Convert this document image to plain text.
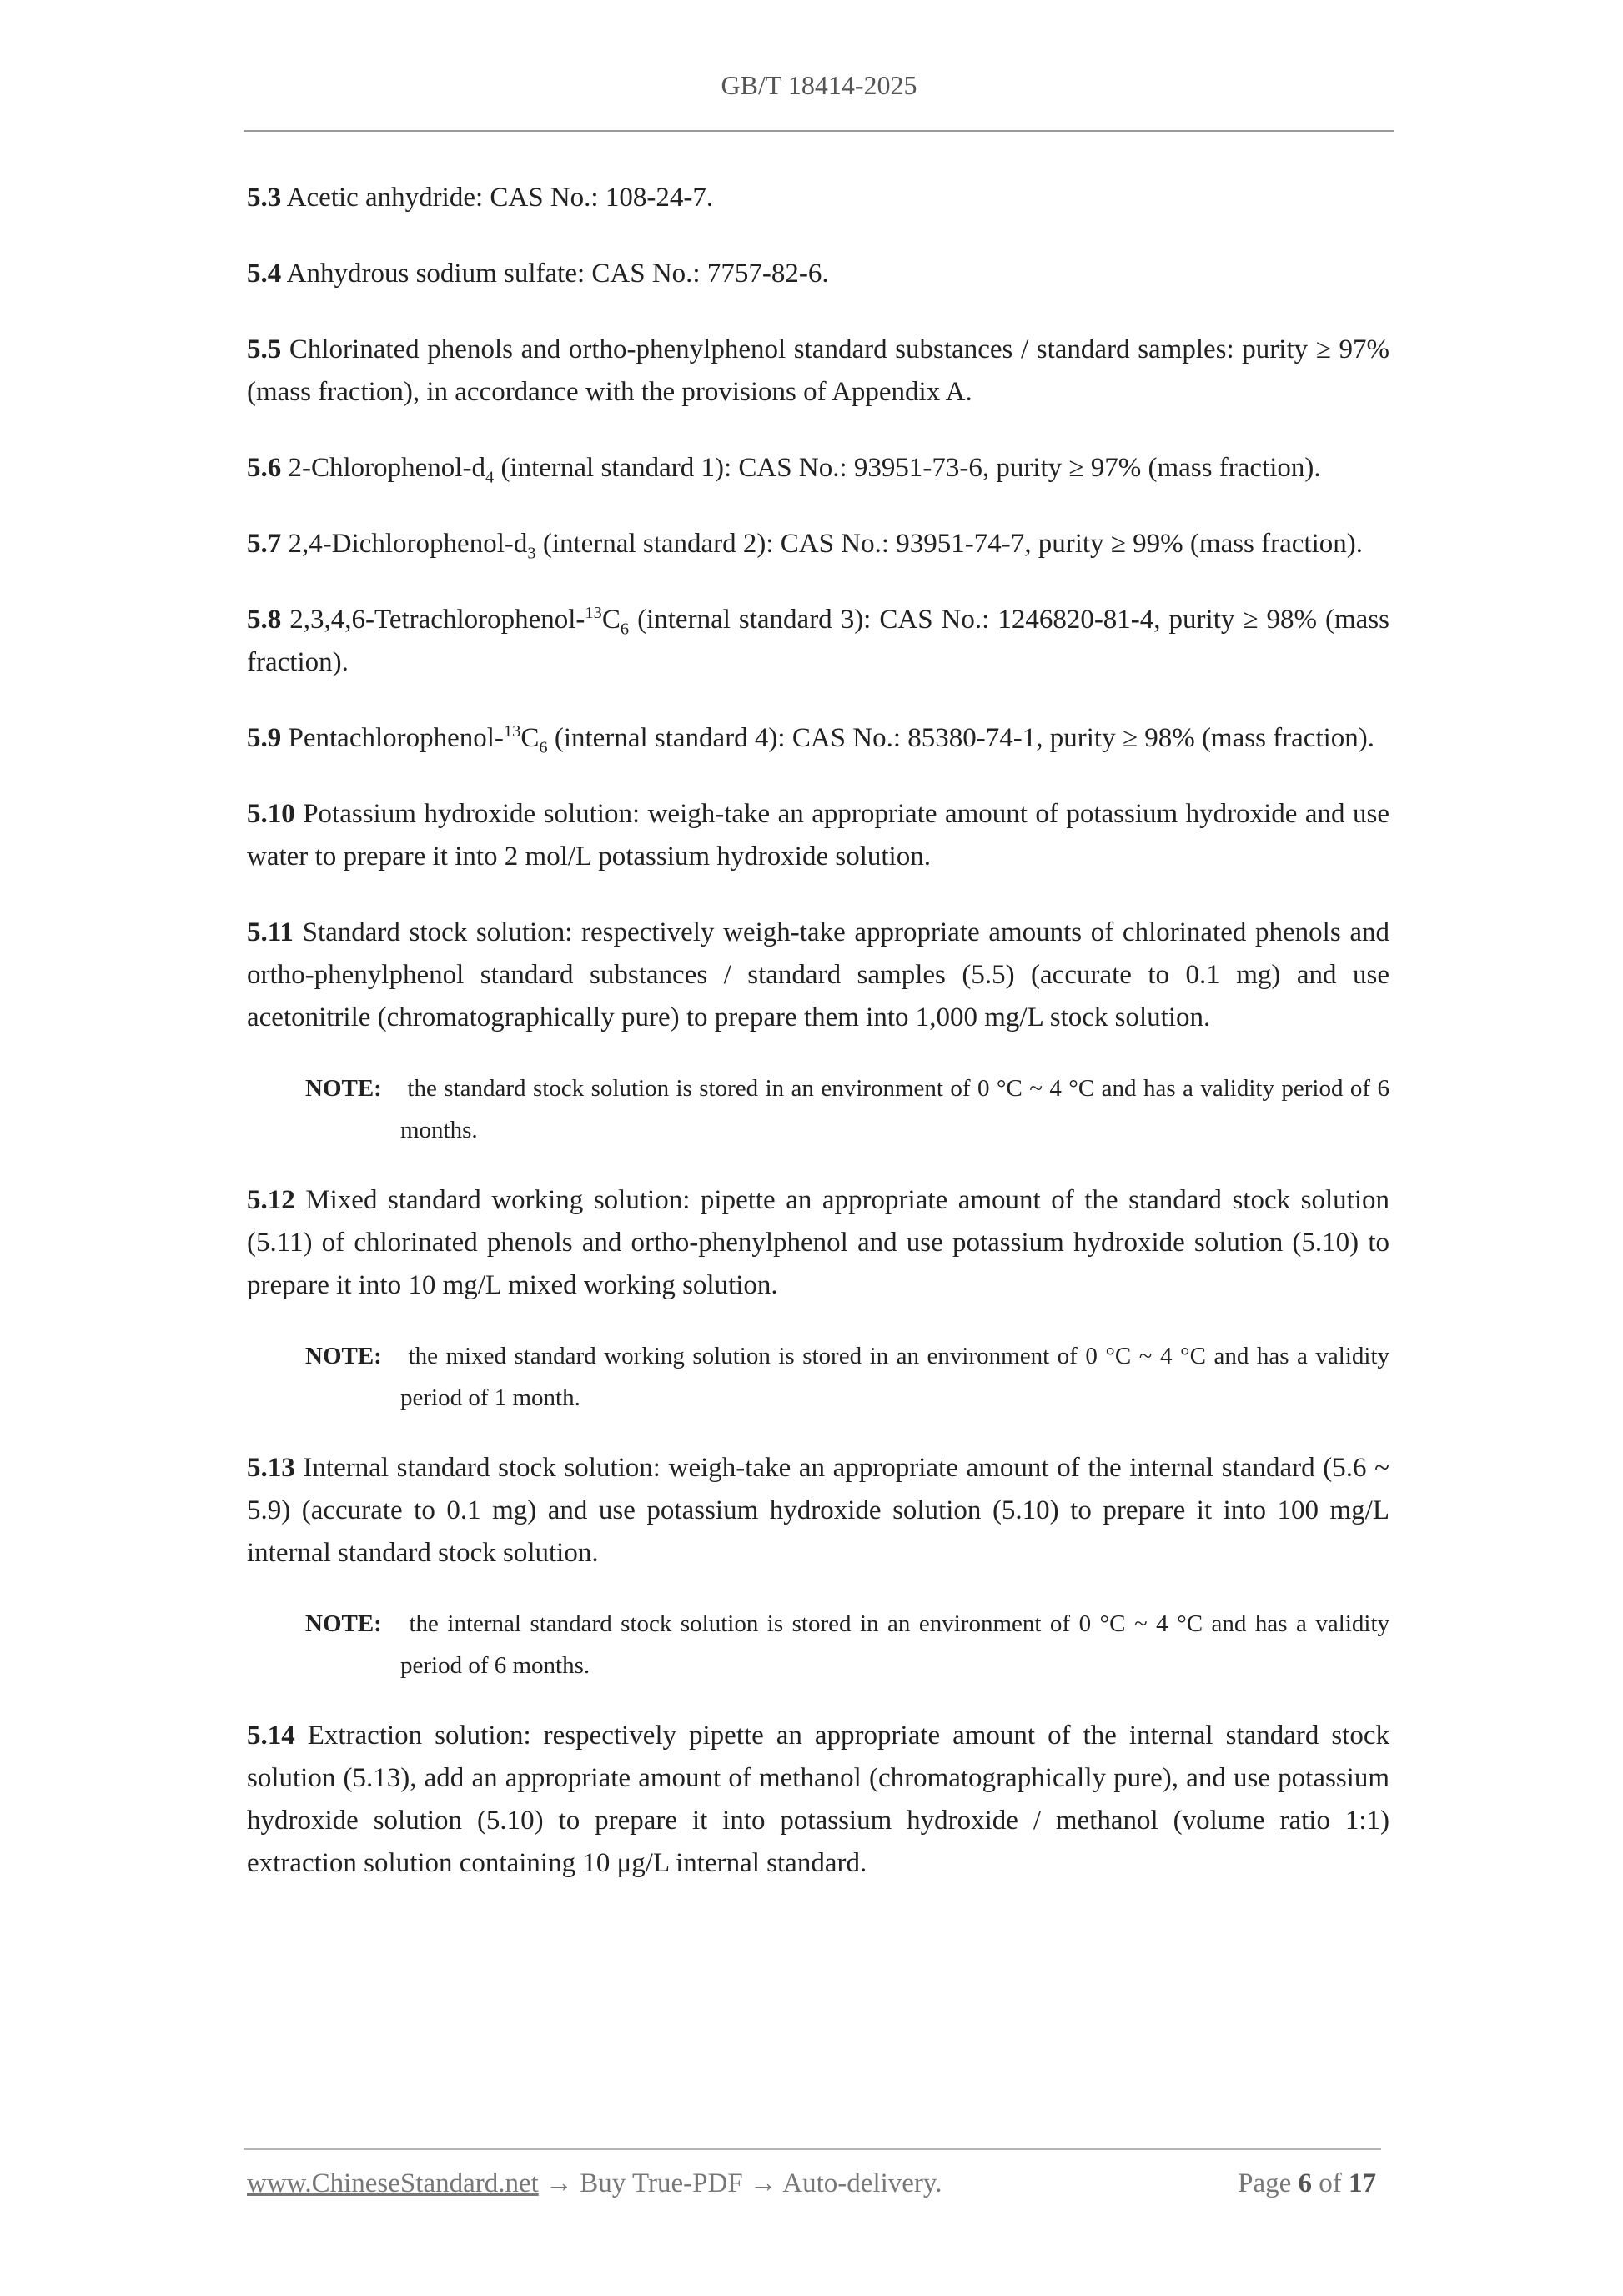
GB/T 18414-2025

5.3 Acetic anhydride: CAS No.: 108-24-7.

5.4 Anhydrous sodium sulfate: CAS No.: 7757-82-6.

5.5 Chlorinated phenols and ortho-phenylphenol standard substances / standard samples: purity ≥ 97% (mass fraction), in accordance with the provisions of Appendix A.

5.6 $2-Chlorophenol-d_4$ (internal standard 1): CAS No.: 93951-73-6, purity ≥ 97% (mass fraction).

5.7 $2,4-Dichlorophenol-d_3$ (internal standard 2): CAS No.: 93951-74-7, purity ≥ 99% (mass fraction).

5.8 $2,3,4,6-Tetrachlorophenol-^{13}C_6$ (internal standard 3): CAS No.: 1246820-81-4, purity ≥ 98% (mass fraction).

5.9 Pentachlorophenol-$^{13}C_6$ (internal standard 4): CAS No.: 85380-74-1, purity ≥ 98% (mass fraction).

5.10 Potassium hydroxide solution: weigh-take an appropriate amount of potassium hydroxide and use water to prepare it into 2 mol/L potassium hydroxide solution.

5.11 Standard stock solution: respectively weigh-take appropriate amounts of chlorinated phenols and ortho-phenylphenol standard substances / standard samples (5.5) (accurate to 0.1 mg) and use acetonitrile (chromatographically pure) to prepare them into 1,000 mg/L stock solution.

NOTE: the standard stock solution is stored in an environment of 0 °C ~ 4 °C and has a validity period of 6 months.

5.12 Mixed standard working solution: pipette an appropriate amount of the standard stock solution (5.11) of chlorinated phenols and ortho-phenylphenol and use potassium hydroxide solution (5.10) to prepare it into 10 mg/L mixed working solution.

NOTE: the mixed standard working solution is stored in an environment of 0 °C ~ 4 °C and has a validity period of 1 month.

5.13 Internal standard stock solution: weigh-take an appropriate amount of the internal standard (5.6 ~ 5.9) (accurate to 0.1 mg) and use potassium hydroxide solution (5.10) to prepare it into 100 mg/L internal standard stock solution.

NOTE: the internal standard stock solution is stored in an environment of 0 °C ~ 4 °C and has a validity period of 6 months.

5.14 Extraction solution: respectively pipette an appropriate amount of the internal standard stock solution (5.13), add an appropriate amount of methanol (chromatographically pure), and use potassium hydroxide solution (5.10) to prepare it into potassium hydroxide / methanol (volume ratio 1:1) extraction solution containing 10 μg/L internal standard.

www.ChineseStandard.net → Buy True-PDF → Auto-delivery.	Page 6 of 17
